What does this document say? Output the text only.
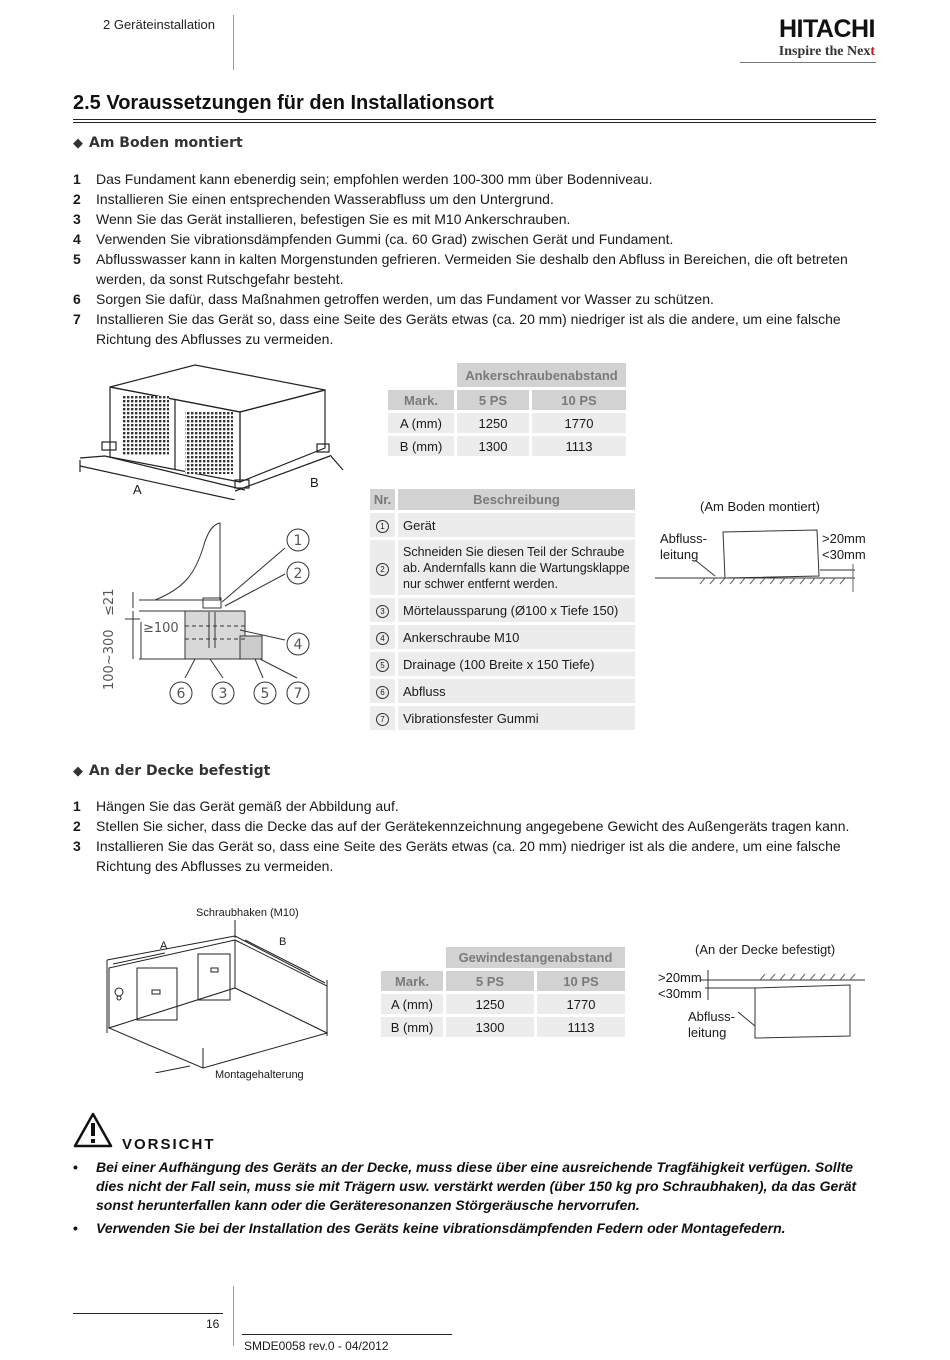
2 Geräteinstallation	HITACHI
Inspire the Next
2.5 Voraussetzungen für den Installationsort
◆ Am Boden montiert
1 Das Fundament kann ebenerdig sein; empfohlen werden 100-300 mm über Bodenniveau.
2 Installieren Sie einen entsprechenden Wasserabfluss um den Untergrund.
3 Wenn Sie das Gerät installieren, befestigen Sie es mit M10 Ankerschrauben.
4 Verwenden Sie vibrationsdämpfenden Gummi (ca. 60 Grad) zwischen Gerät und Fundament.
5 Abflusswasser kann in kalten Morgenstunden gefrieren. Vermeiden Sie deshalb den Abfluss in Bereichen, die oft betreten werden, da sonst Rutschgefahr besteht.
6 Sorgen Sie dafür, dass Maßnahmen getroffen werden, um das Fundament vor Wasser zu schützen.
7 Installieren Sie das Gerät so, dass eine Seite des Geräts etwas (ca. 20 mm) niedriger ist als die andere, um eine falsche Richtung des Abflusses zu vermeiden.
A	B
	Ankerschraubenabstand	
Mark.	5 PS	10 PS
A (mm)	1250	1770
B (mm)	1300	1113
1
2
4
6 3 5 7
≥100
≤21
100~300
Nr.	Beschreibung
1	Gerät
2	Schneiden Sie diesen Teil der Schraube ab. Andernfalls kann die Wartungsklappe nur schwer entfernt werden.
3	Mörtelaussparung (Ø100 x Tiefe 150)
4	Ankerschraube M10
5	Drainage (100 Breite x 150 Tiefe)
6	Abfluss
7	Vibrationsfester Gummi
(Am Boden montiert)
Abfluss-
leitung
>20mm
<30mm
◆ An der Decke befestigt
1 Hängen Sie das Gerät gemäß der Abbildung auf.
2 Stellen Sie sicher, dass die Decke das auf der Gerätekennzeichnung angegebene Gewicht des Außengeräts tragen kann.
3 Installieren Sie das Gerät so, dass eine Seite des Geräts etwas (ca. 20 mm) niedriger ist als die andere, um eine falsche Richtung des Abflusses zu vermeiden.
Schraubhaken (M10)
Montagehalterung
A	B
	Gewindestangenabstand	
Mark.	5 PS	10 PS
A (mm)	1250	1770
B (mm)	1300	1113
(An der Decke befestigt)
>20mm
<30mm
Abfluss-
leitung
VORSICHT
• Bei einer Aufhängung des Geräts an der Decke, muss diese über eine ausreichende Tragfähigkeit verfügen. Sollte dies nicht der Fall sein, muss sie mit Trägern usw. verstärkt werden (über 150 kg pro Schraubhaken), da das Gerät sonst herunterfallen kann oder die Geräteresonanzen Störgeräusche hervorrufen.
• Verwenden Sie bei der Installation des Geräts keine vibrationsdämpfenden Federn oder Montagefedern.
16
SMDE0058 rev.0 - 04/2012
